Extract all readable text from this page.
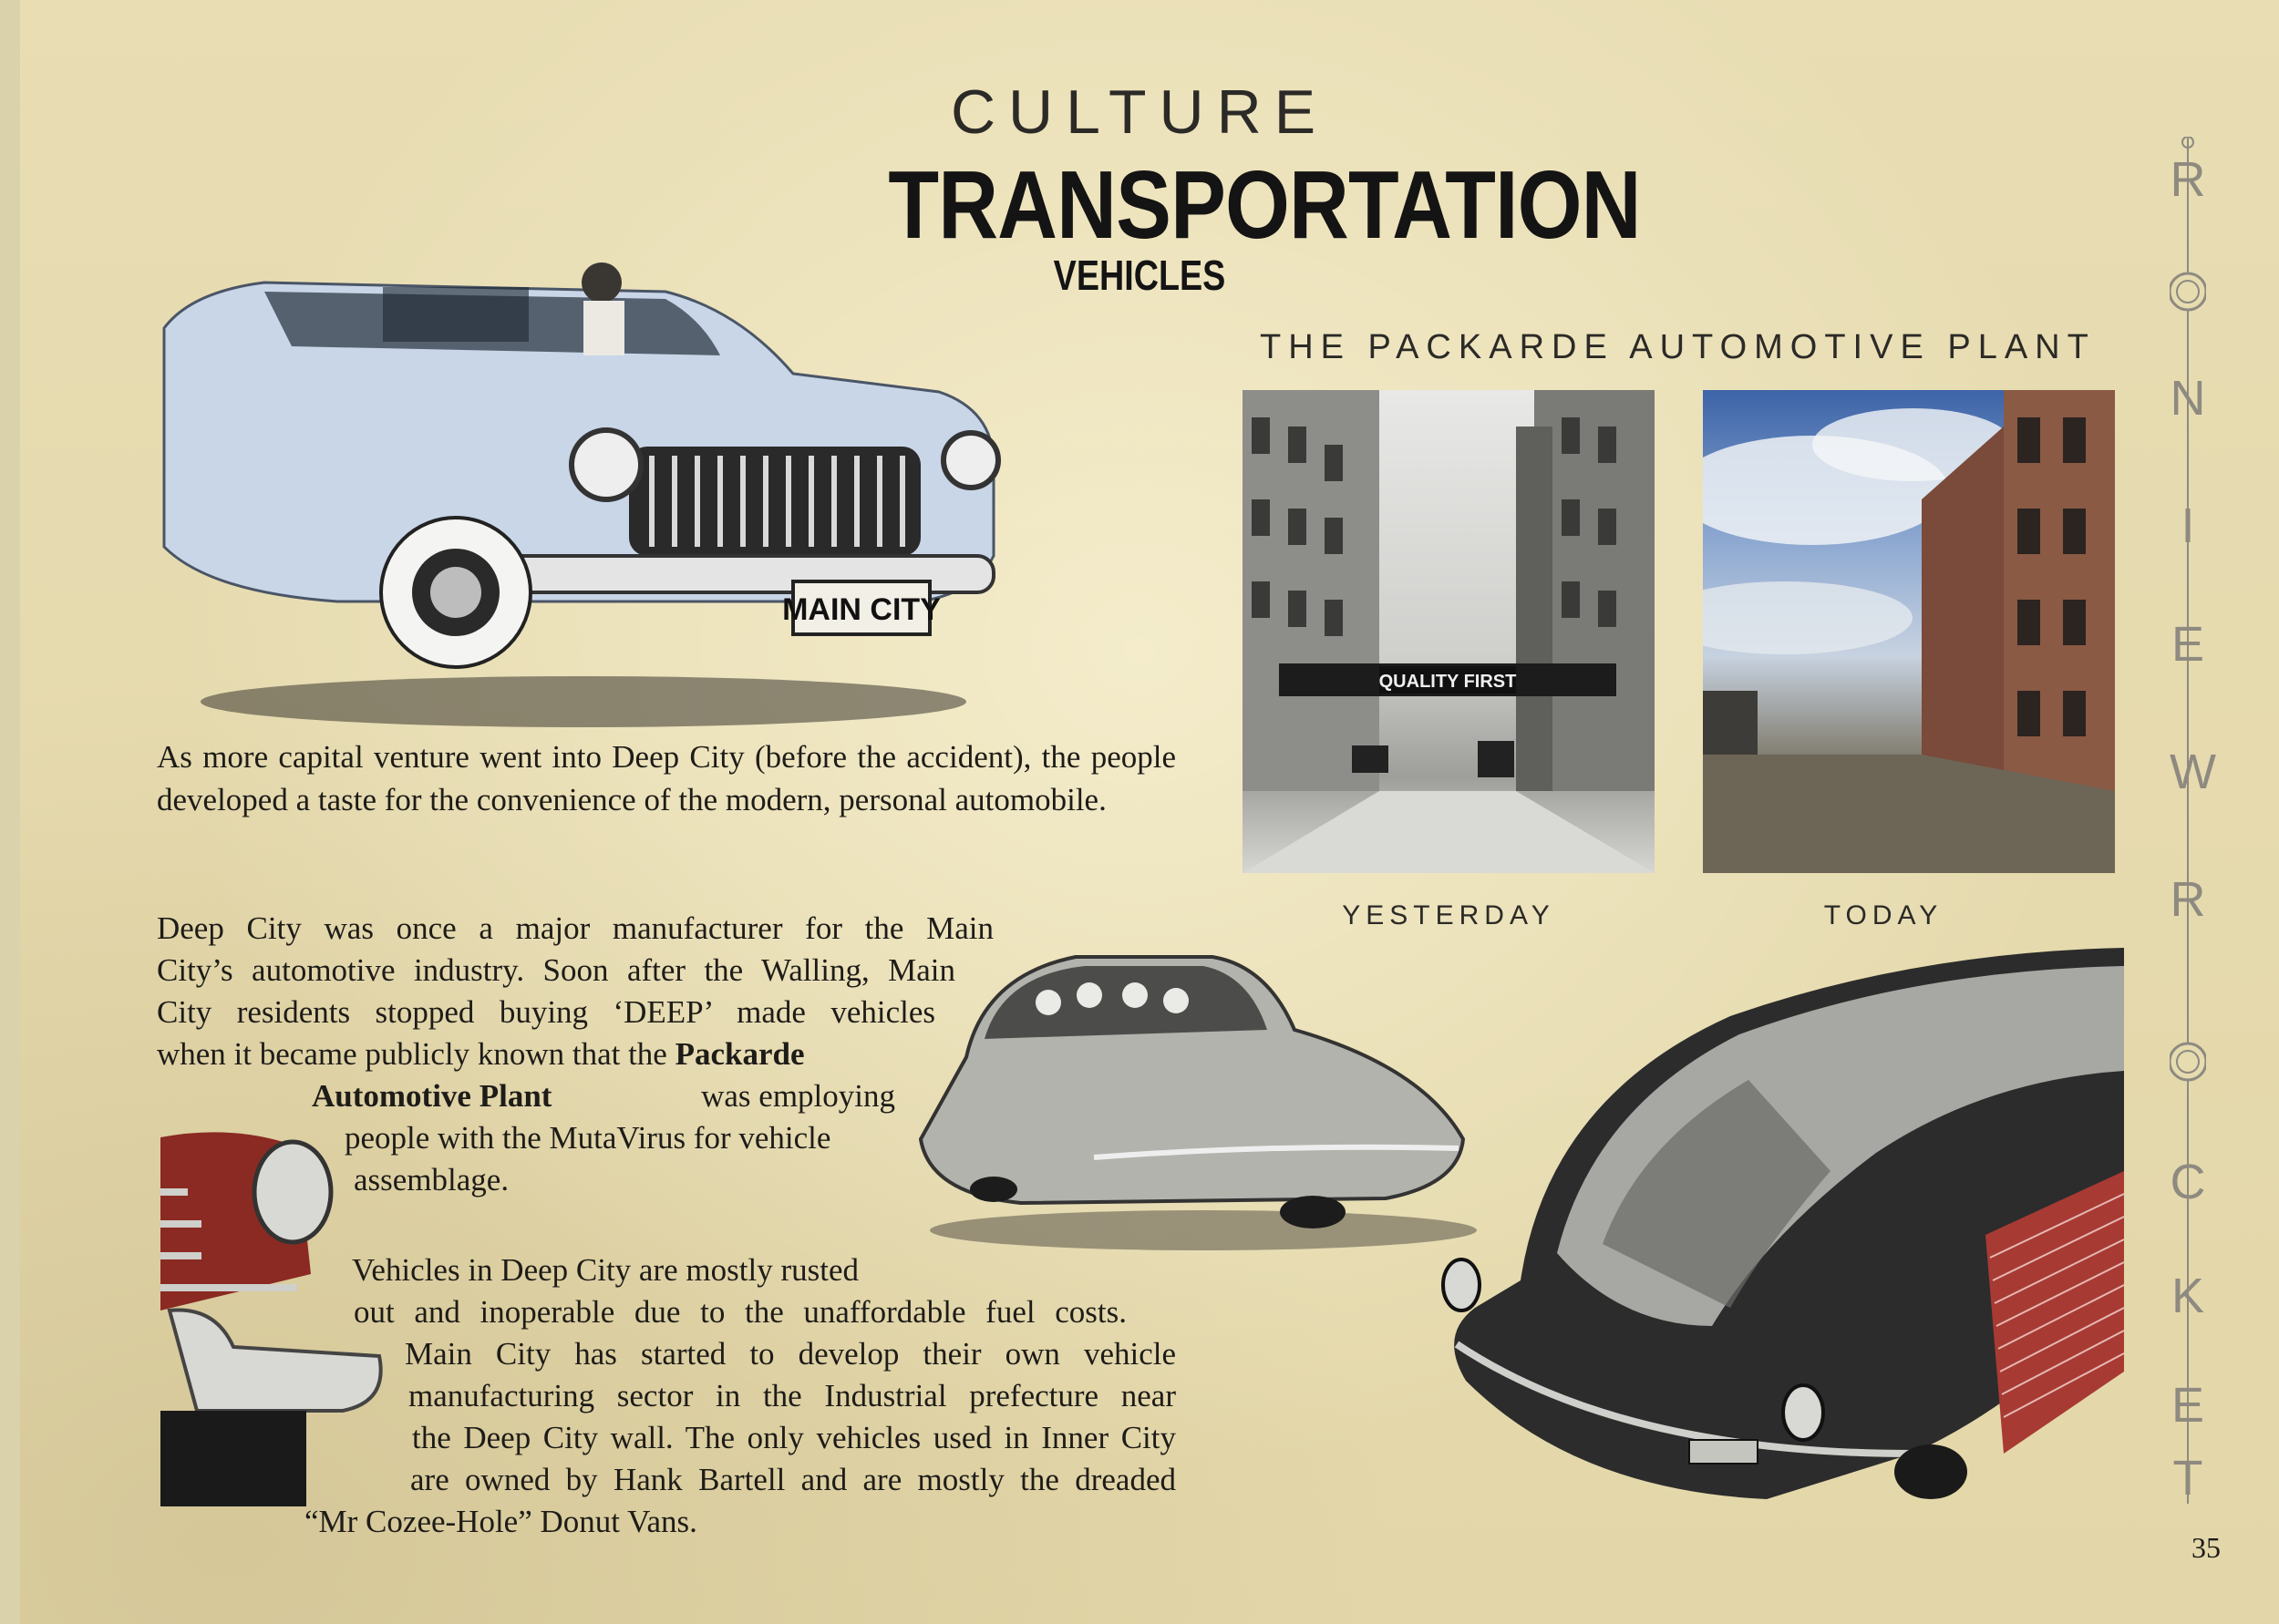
CULTURE
TRANSPORTATION
VEHICLES
MAIN CITY
THE PACKARDE AUTOMOTIVE PLANT
QUALITY FIRST
YESTERDAY	TODAY
As more capital venture went into Deep City (before the accident), the people developed a taste for the convenience of the modern, personal automobile.
Deep City was once a major manufacturer for the Main
City’s automotive industry. Soon after the Walling, Main
City residents stopped buying ‘DEEP’ made vehicles
when it became publicly known that the Packarde
Automotive Plant	was employing
people with the MutaVirus for vehicle
assemblage.
Vehicles in Deep City are mostly rusted
out and inoperable due to the unaffordable fuel costs.
Main City has started to develop their own vehicle
manufacturing sector in the Industrial prefecture near
the Deep City wall. The only vehicles used in Inner City
are owned by Hank Bartell and are mostly the dreaded
“Mr Cozee-Hole” Donut Vans.
R
N
I
E
W
R
C
K
E
T
35
